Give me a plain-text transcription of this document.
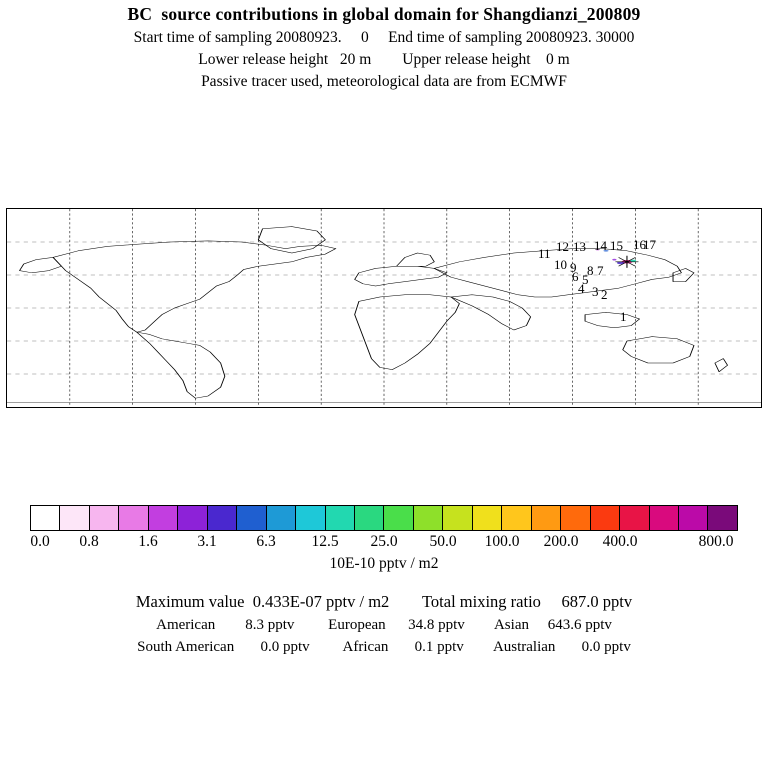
BC  source contributions in global domain for Shangdianzi_200809
Start time of sampling 20080923.     0     End time of sampling 20080923. 30000
Lower release height   20 m        Upper release height    0 m
Passive tracer used, meteorological data are from ECMWF
1
2
3
4
5
6 7
8
9
10
11 12 13 14 15 16
17
0.0 0.8	1.6	3.1	6.3 12.5 25.0 50.0 100.0 200.0 400.0	800.0
10E-10 pptv / m2
Maximum value  0.433E-07 pptv / m2        Total mixing ratio     687.0 pptv
American        8.3 pptv         European      34.8 pptv        Asian     643.6 pptv
South American       0.0 pptv         African       0.1 pptv        Australian       0.0 pptv
